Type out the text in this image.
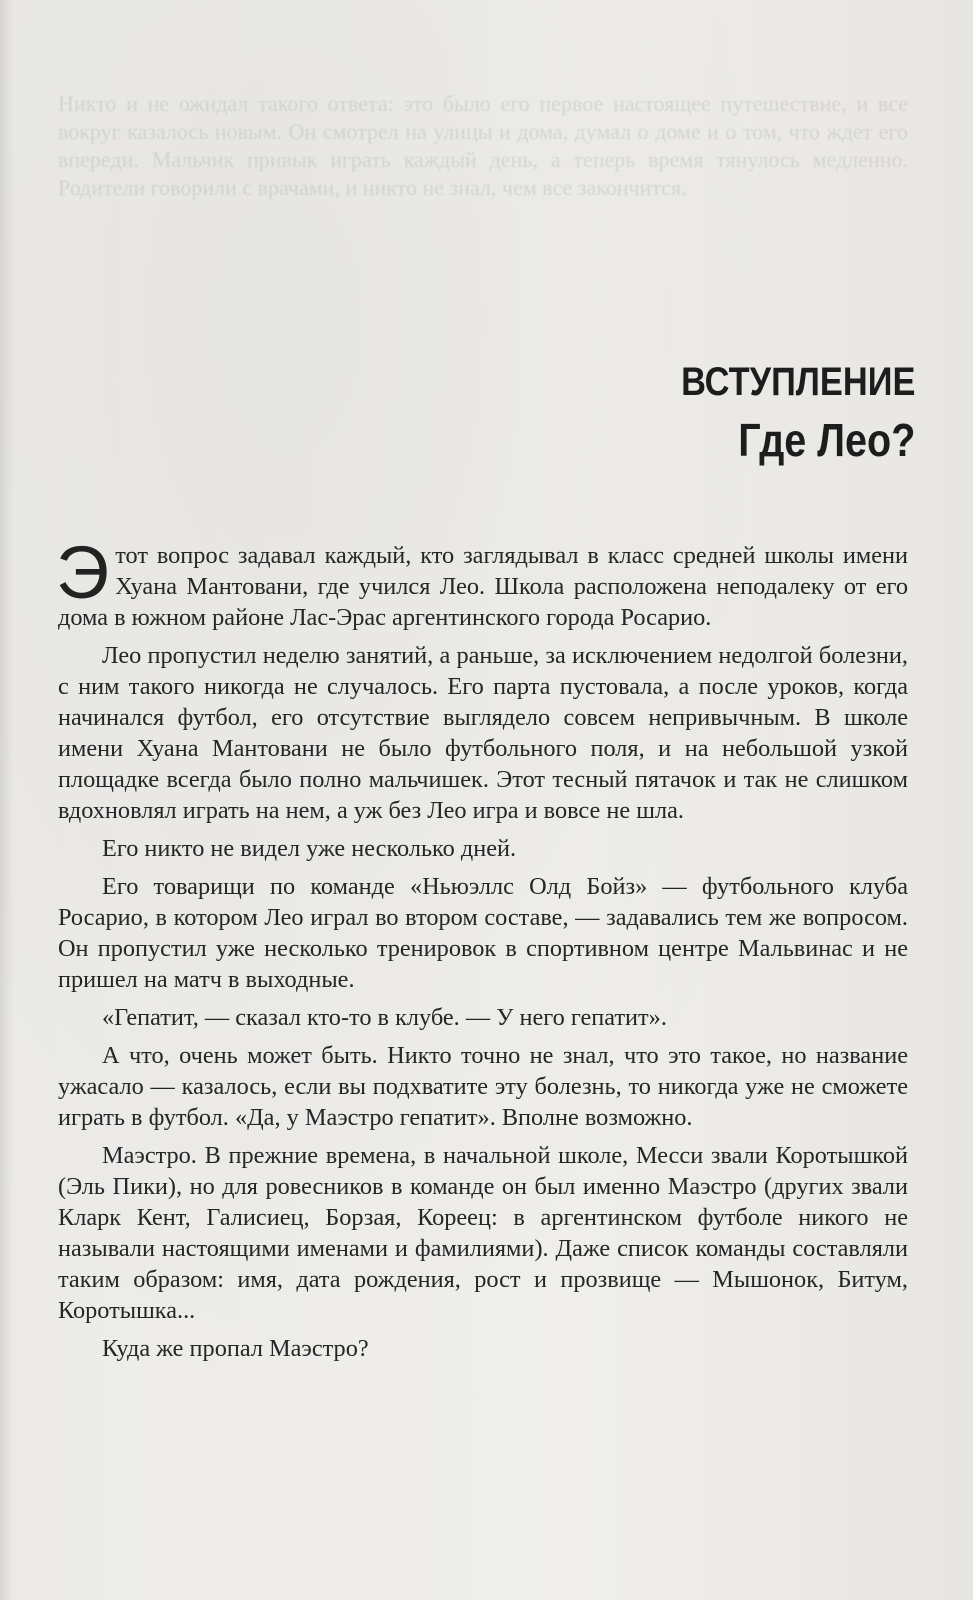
Никто и не ожидал такого ответа: это было его первое настоящее путешествие, и все вокруг казалось новым. Он смотрел на улицы и дома, думал о доме и о том, что ждет его впереди. Мальчик привык играть каждый день, а теперь время тянулось медленно. Родители говорили с врачами, и никто не знал, чем все закончится.
ВСТУПЛЕНИЕ
Где Лео?

Этот вопрос задавал каждый, кто заглядывал в класс средней школы имени Хуана Мантовани, где учился Лео. Школа расположена неподалеку от его дома в южном районе Лас-Эрас аргентинского города Росарио.

Лео пропустил неделю занятий, а раньше, за исключением недолгой болезни, с ним такого никогда не случалось. Его парта пустовала, а после уроков, когда начинался футбол, его отсутствие выглядело совсем непривычным. В школе имени Хуана Мантовани не было футбольного поля, и на небольшой узкой площадке всегда было полно мальчишек. Этот тесный пятачок и так не слишком вдохновлял играть на нем, а уж без Лео игра и вовсе не шла.

Его никто не видел уже несколько дней.

Его товарищи по команде «Ньюэллс Олд Бойз» — футбольного клуба Росарио, в котором Лео играл во втором составе, — задавались тем же вопросом. Он пропустил уже несколько тренировок в спортивном центре Мальвинас и не пришел на матч в выходные.

«Гепатит, — сказал кто-то в клубе. — У него гепатит».

А что, очень может быть. Никто точно не знал, что это такое, но название ужасало — казалось, если вы подхватите эту болезнь, то никогда уже не сможете играть в футбол. «Да, у Маэстро гепатит». Вполне возможно.

Маэстро. В прежние времена, в начальной школе, Месси звали Коротышкой (Эль Пики), но для ровесников в команде он был именно Маэстро (других звали Кларк Кент, Галисиец, Борзая, Кореец: в аргентинском футболе никого не называли настоящими именами и фамилиями). Даже список команды составляли таким образом: имя, дата рождения, рост и прозвище — Мышонок, Битум, Коротышка...

Куда же пропал Маэстро?
